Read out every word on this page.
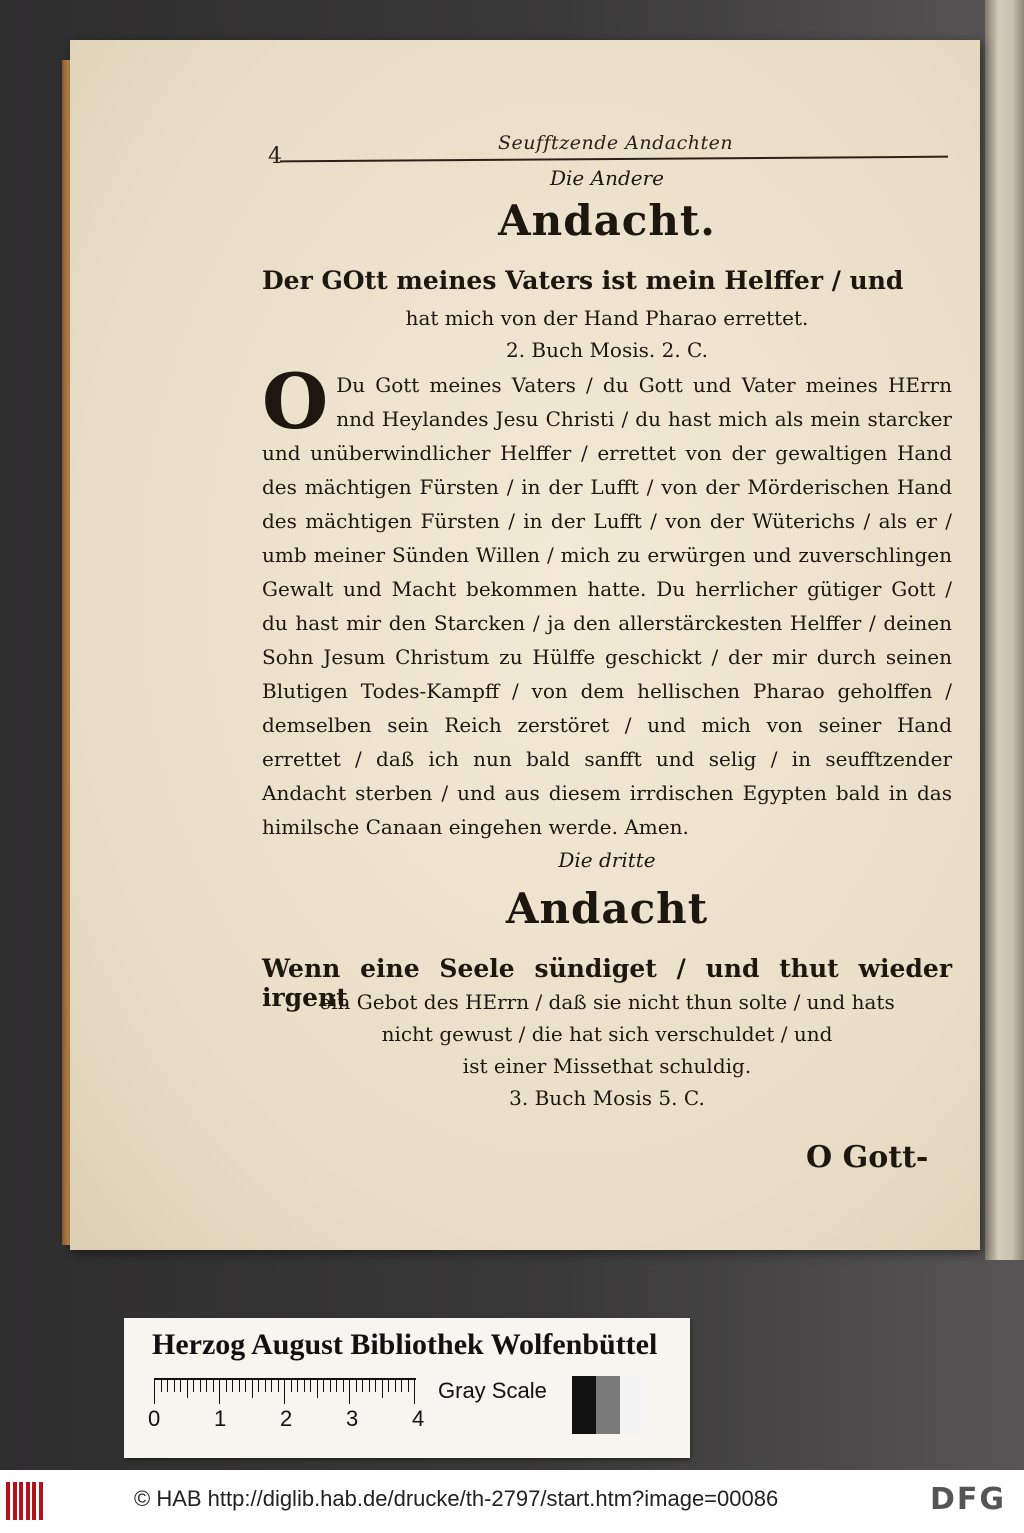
4
Seufftzende Andachten
Die Andere
Andacht.
Der GOtt meines Vaters ist mein Helffer / und
hat mich von der Hand Pharao errettet.
2. Buch Mosis. 2. C.
O Du Gott meines Vaters / du Gott und Vater meines HErrn nnd Heylandes Jesu Christi / du hast mich als mein starcker und unüberwindlicher Helffer / errettet von der gewaltigen Hand des mächtigen Fürsten / in der Lufft / von der Mörderischen Hand des mächtigen Fürsten / in der Lufft / von der Wüterichs / als er / umb meiner Sünden Willen / mich zu erwürgen und zuverschlingen Gewalt und Macht bekommen hatte. Du herrlicher gütiger Gott / du hast mir den Starcken / ja den allerstärckesten Helffer / deinen Sohn Jesum Christum zu Hülffe geschickt / der mir durch seinen Blutigen Todes-Kampff / von dem hellischen Pharao geholffen / demselben sein Reich zerstöret / und mich von seiner Hand errettet / daß ich nun bald sanfft und selig / in seufftzender Andacht sterben / und aus diesem irrdischen Egypten bald in das himilsche Canaan eingehen werde. Amen.
Die dritte
Andacht
Wenn eine Seele sündiget / und thut wieder irgent
ein Gebot des HErrn / daß sie nicht thun solte / und hats
nicht gewust / die hat sich verschuldet / und
ist einer Missethat schuldig.
3. Buch Mosis 5. C.
O Gott-
Herzog August Bibliothek Wolfenbüttel
0 1 2 3 4
Gray Scale
© HAB http://diglib.hab.de/drucke/th-2797/start.htm?image=00086	DFG
